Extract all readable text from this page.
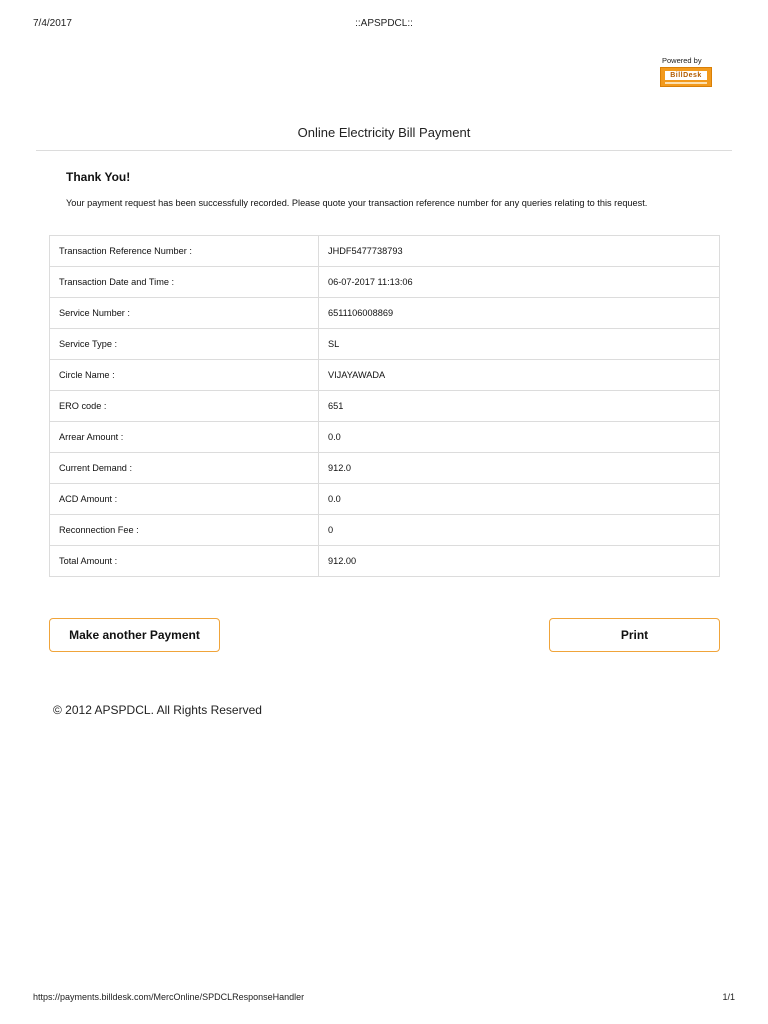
7/4/2017	::APSPDCL::
Powered by
BillDesk
Online Electricity Bill Payment
Thank You!
Your payment request has been successfully recorded. Please quote your transaction reference number for any queries relating to this request.
Transaction Reference Number :	JHDF5477738793
Transaction Date and Time :	06-07-2017 11:13:06
Service Number :	6511106008869
Service Type :	SL
Circle Name :	VIJAYAWADA
ERO code :	651
Arrear Amount :	0.0
Current Demand :	912.0
ACD Amount :	0.0
Reconnection Fee :	0
Total Amount :	912.00
Make another Payment	Print
© 2012 APSPDCL. All Rights Reserved
https://payments.billdesk.com/MercOnline/SPDCLResponseHandler	1/1
